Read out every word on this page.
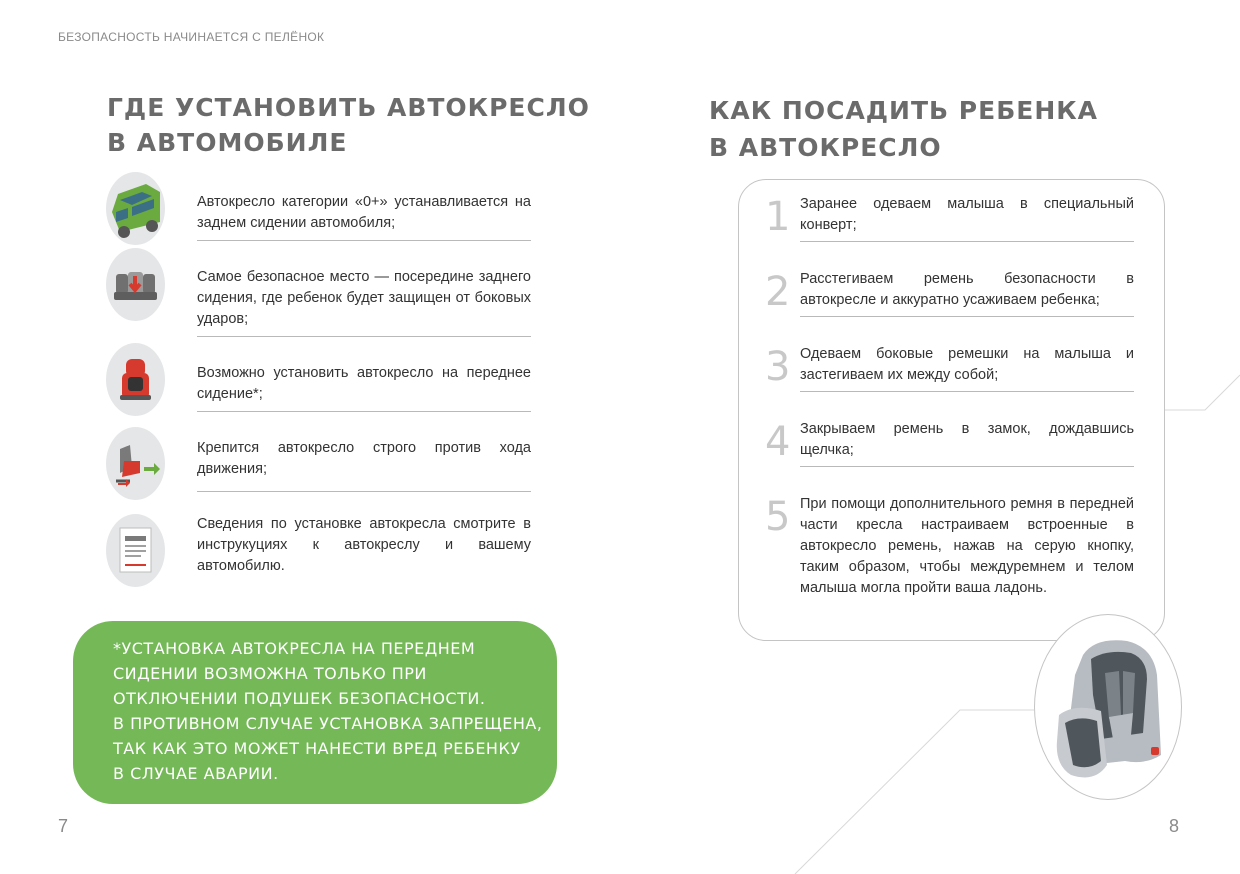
БЕЗОПАСНОСТЬ НАЧИНАЕТСЯ С ПЕЛЁНОК
ГДЕ УСТАНОВИТЬ АВТОКРЕСЛО
В АВТОМОБИЛЕ
Автокресло категории «0+» устанавливается на заднем сидении автомобиля;
Самое безопасное место — посередине заднего сидения, где ребенок будет защищен от боковых ударов;
Возможно установить автокресло на переднее сидение*;
Крепится автокресло строго против хода движения;
Сведения по установке автокресла смотрите в инструкуциях к автокреслу и вашему автомобилю.
*УСТАНОВКА АВТОКРЕСЛА НА ПЕРЕДНЕМ
СИДЕНИИ ВОЗМОЖНА ТОЛЬКО ПРИ
ОТКЛЮЧЕНИИ ПОДУШЕК БЕЗОПАСНОСТИ.
В ПРОТИВНОМ СЛУЧАЕ УСТАНОВКА ЗАПРЕЩЕНА,
ТАК КАК ЭТО МОЖЕТ НАНЕСТИ ВРЕД РЕБЕНКУ
В СЛУЧАЕ АВАРИИ.
7
КАК ПОСАДИТЬ РЕБЕНКА
В АВТОКРЕСЛО
1 Заранее одеваем малыша в специальный конверт;
2 Расстегиваем ремень безопасности в автокресле и аккуратно усаживаем ребенка;
3 Одеваем боковые ремешки на малыша и застегиваем их между собой;
4 Закрываем ремень в замок, дождавшись щелчка;
5 При помощи дополнительного ремня в передней части кресла настраиваем встроенные в автокресло ремень, нажав на серую кнопку, таким образом, чтобы междуремнем и телом малыша могла пройти ваша ладонь.
8
